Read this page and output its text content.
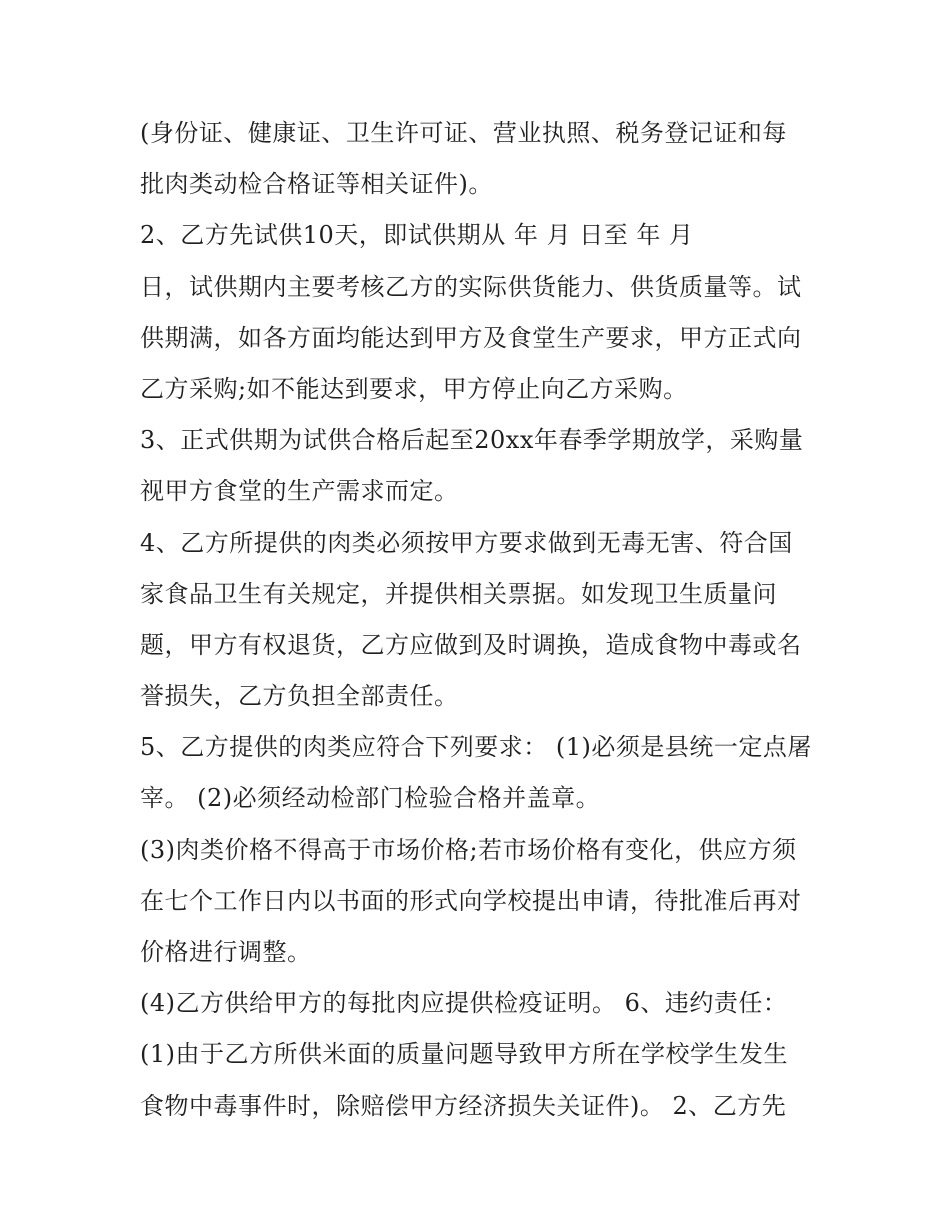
(身份证、健康证、卫生许可证、营业执照、税务登记证和每

批肉类动检合格证等相关证件)。

2、乙方先试供10天，即试供期从 年 月 日至 年 月

日，试供期内主要考核乙方的实际供货能力、供货质量等。试

供期满，如各方面均能达到甲方及食堂生产要求，甲方正式向

乙方采购;如不能达到要求，甲方停止向乙方采购。

3、正式供期为试供合格后起至20xx年春季学期放学，采购量

视甲方食堂的生产需求而定。

4、乙方所提供的肉类必须按甲方要求做到无毒无害、符合国

家食品卫生有关规定，并提供相关票据。如发现卫生质量问

题，甲方有权退货，乙方应做到及时调换，造成食物中毒或名

誉损失，乙方负担全部责任。

5、乙方提供的肉类应符合下列要求： (1)必须是县统一定点屠

宰。 (2)必须经动检部门检验合格并盖章。

(3)肉类价格不得高于市场价格;若市场价格有变化，供应方须

在七个工作日内以书面的形式向学校提出申请，待批准后再对

价格进行调整。

(4)乙方供给甲方的每批肉应提供检疫证明。 6、违约责任：

(1)由于乙方所供米面的质量问题导致甲方所在学校学生发生

食物中毒事件时，除赔偿甲方经济损失关证件)。 2、乙方先
